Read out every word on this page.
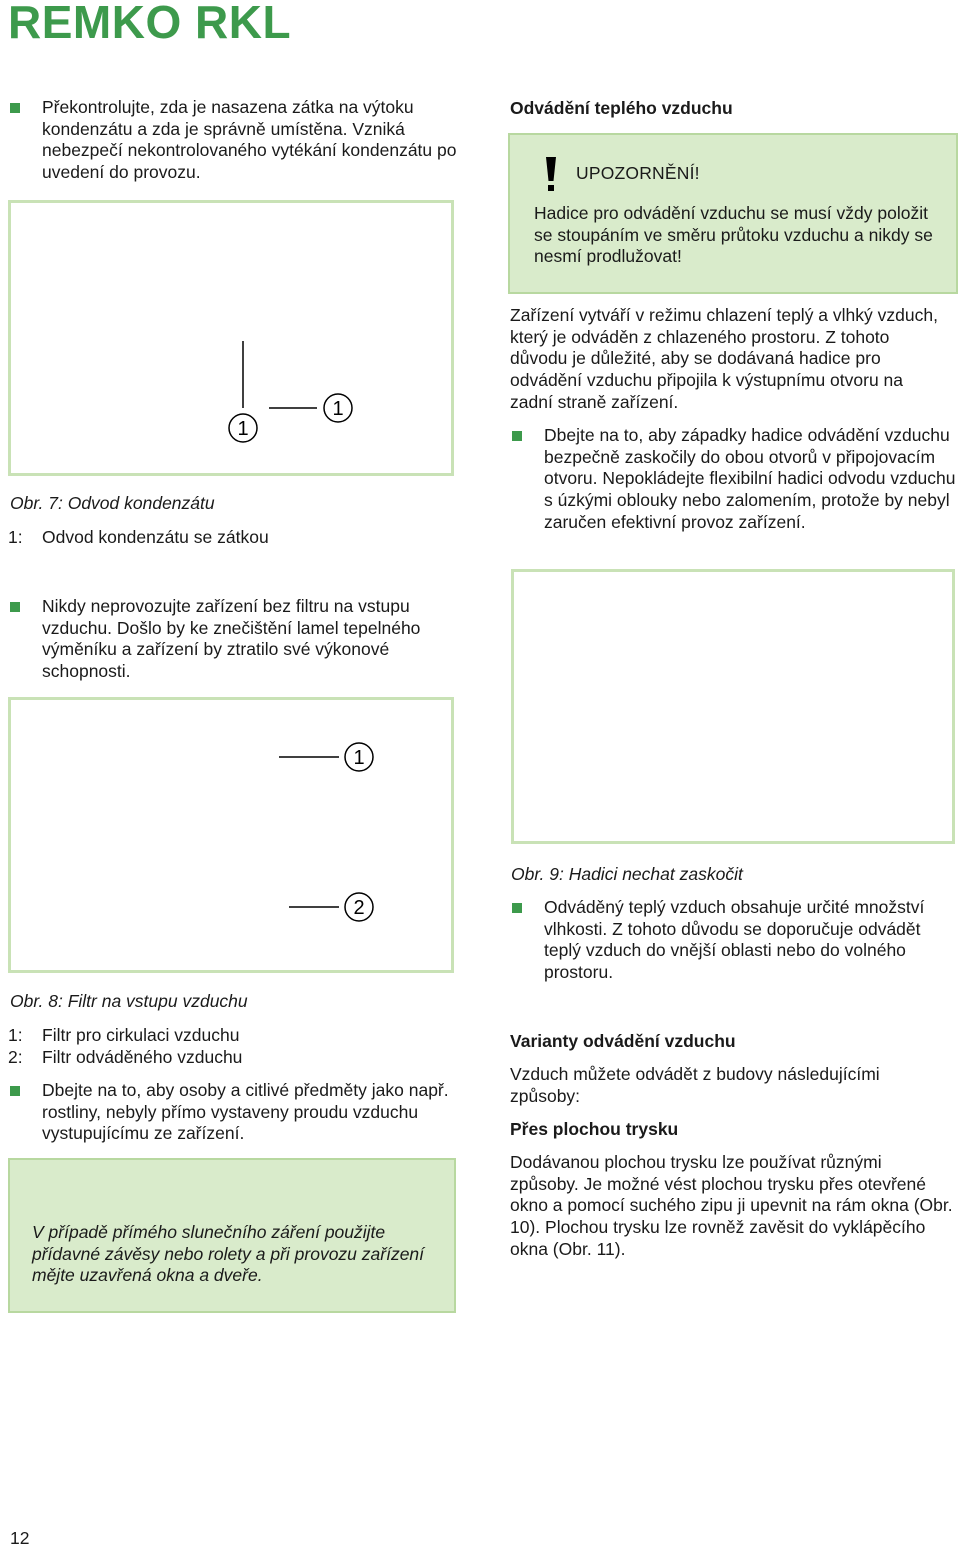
REMKO RKL
Překontrolujte, zda je nasazena zátka na výtoku kondenzátu a zda je správně umístěna. Vzniká nebezpečí nekontrolovaného vytékání kondenzátu po uvedení do provozu.
1
1
Obr. 7: Odvod kondenzátu
1: Odvod kondenzátu se zátkou
Nikdy neprovozujte zařízení bez filtru na vstupu vzduchu. Došlo by ke znečištění lamel tepelného výměníku a zařízení by ztratilo své výkonové schopnosti.
1
2
Obr. 8: Filtr na vstupu vzduchu
1: Filtr pro cirkulaci vzduchu
2: Filtr odváděného vzduchu
Dbejte na to, aby osoby a citlivé předměty jako např. rostliny, nebyly přímo vystaveny proudu vzduchu vystupujícímu ze zařízení.
V případě přímého slunečního záření použijte přídavné závěsy nebo rolety a při provozu zařízení mějte uzavřená okna a dveře.
Odvádění teplého vzduchu
UPOZORNĚNÍ!
Hadice pro odvádění vzduchu se musí vždy položit se stoupáním ve směru průtoku vzduchu a nikdy se nesmí prodlužovat!
Zařízení vytváří v režimu chlazení teplý a vlhký vzduch, který je odváděn z chlazeného prostoru. Z tohoto důvodu je důležité, aby se dodávaná hadice pro odvádění vzduchu připojila k výstupnímu otvoru na zadní straně zařízení.
Dbejte na to, aby západky hadice odvádění vzduchu bezpečně zaskočily do obou otvorů v připojovacím otvoru. Nepokládejte flexibilní hadici odvodu vzduchu s úzkými oblouky nebo zalomením, protože by nebyl zaručen efektivní provoz zařízení.
Obr. 9: Hadici nechat zaskočit
Odváděný teplý vzduch obsahuje určité množství vlhkosti. Z tohoto důvodu se doporučuje odvádět teplý vzduch do vnější oblasti nebo do volného prostoru.
Varianty odvádění vzduchu
Vzduch můžete odvádět z budovy následujícími způsoby:
Přes plochou trysku
Dodávanou plochou trysku lze používat různými způsoby. Je možné vést plochou trysku přes otevřené okno a pomocí suchého zipu ji upevnit na rám okna (Obr. 10). Plochou trysku lze rovněž zavěsit do vyklápěcího okna (Obr. 11).
12
